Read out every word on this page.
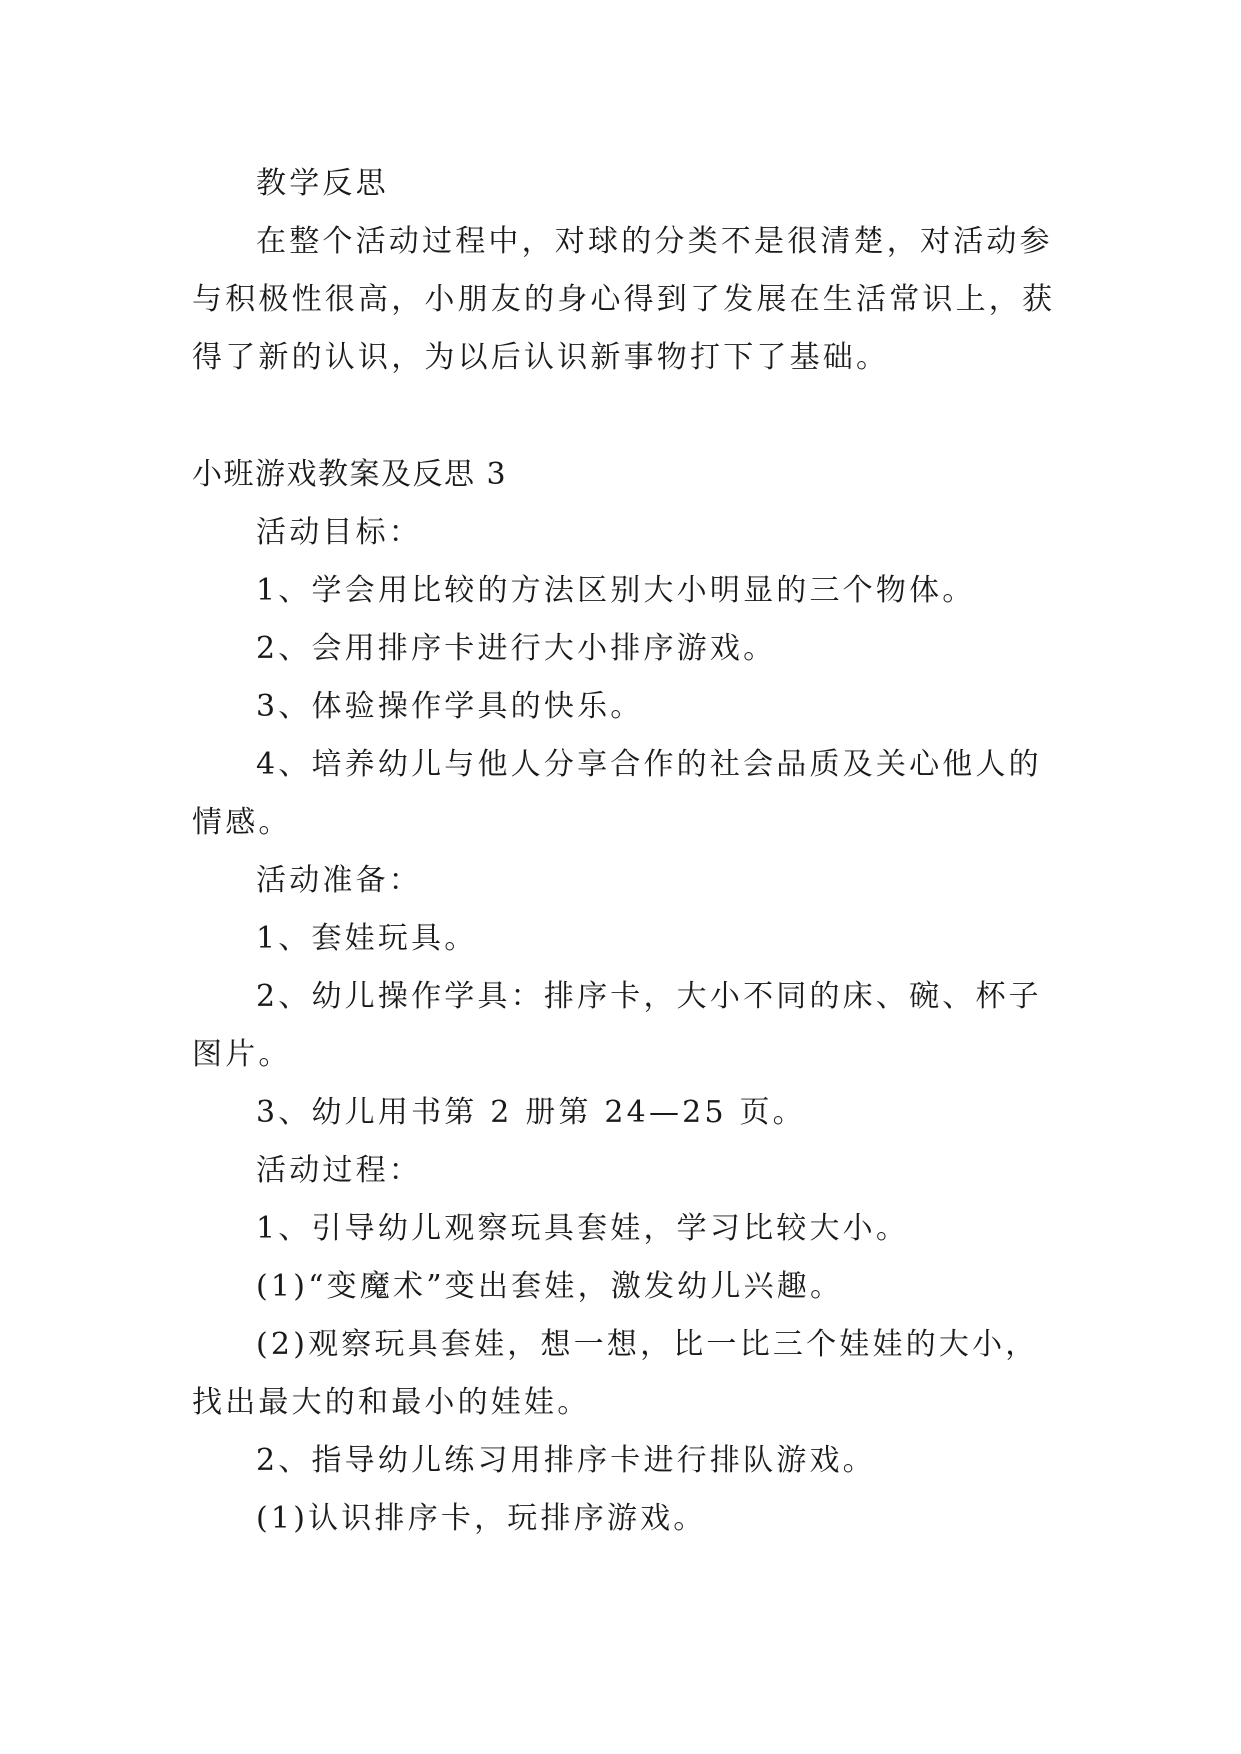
教学反思
在整个活动过程中，对球的分类不是很清楚，对活动参
与积极性很高，小朋友的身心得到了发展在生活常识上，获
得了新的认识，为以后认识新事物打下了基础。
小班游戏教案及反思 3
活动目标：
1、学会用比较的方法区别大小明显的三个物体。
2、会用排序卡进行大小排序游戏。
3、体验操作学具的快乐。
4、培养幼儿与他人分享合作的社会品质及关心他人的
情感。
活动准备：
1、套娃玩具。
2、幼儿操作学具：排序卡，大小不同的床、碗、杯子
图片。
3、幼儿用书第 2 册第 24—25 页。
活动过程：
1、引导幼儿观察玩具套娃，学习比较大小。
(1)“变魔术”变出套娃，激发幼儿兴趣。
(2)观察玩具套娃，想一想，比一比三个娃娃的大小，
找出最大的和最小的娃娃。
2、指导幼儿练习用排序卡进行排队游戏。
(1)认识排序卡，玩排序游戏。
